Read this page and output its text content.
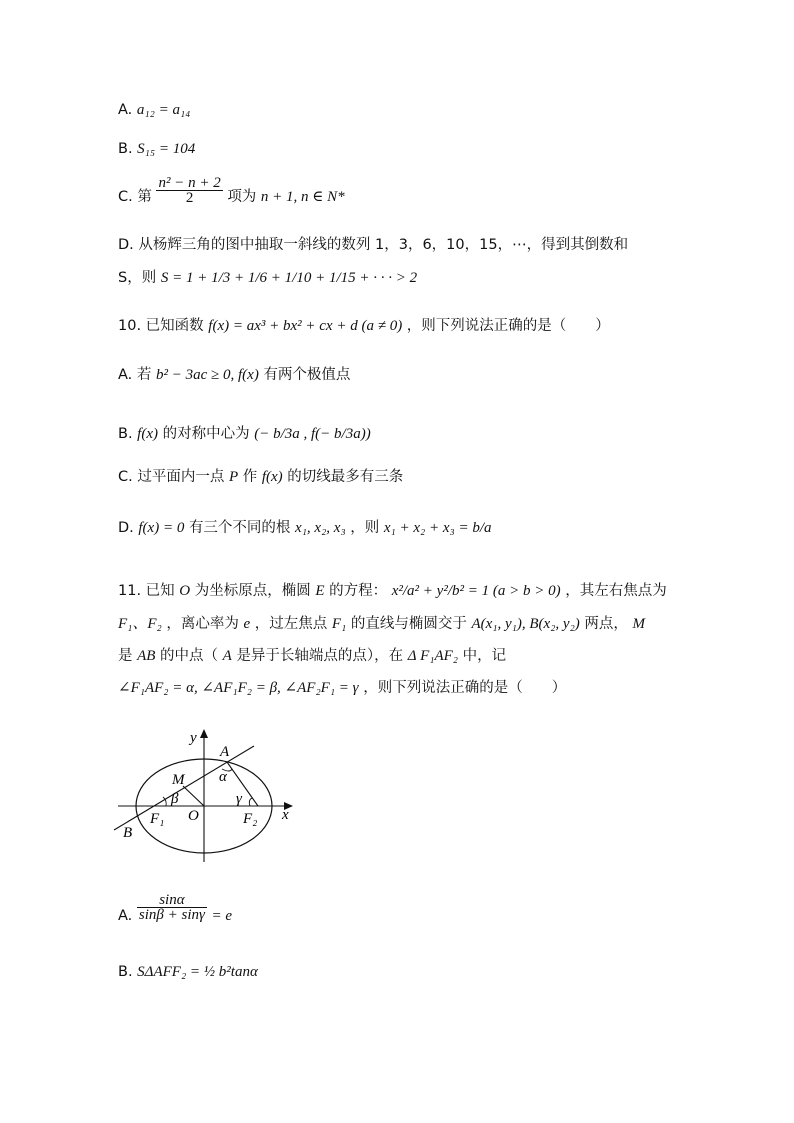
A. a₁₂ = a₁₄
B. S₁₅ = 104
C. 第 $\frac{\text{n² − n + 2}}{2}$ 项为 n + 1, n ∈ N*
D. 从杨辉三角的图中抽取一斜线的数列 1，3，6，10，15，⋯，得到其倒数和
S，则 S = 1 + 1/3 + 1/6 + 1/10 + 1/15 + · · · > 2
10. 已知函数 f(x) = ax³ + bx² + cx + d (a ≠ 0) ，则下列说法正确的是（　　）
A. 若 b² − 3ac ≥ 0, f(x) 有两个极值点
B. f(x) 的对称中心为 (− b/3a , f(− b/3a))
C. 过平面内一点 P 作 f(x) 的切线最多有三条
D. f(x) = 0 有三个不同的根 x₁, x₂, x₃ ，则 x₁ + x₂ + x₃ = b/a
11. 已知 O 为坐标原点，椭圆 E 的方程： x²/a² + y²/b² = 1 (a > b > 0) ，其左右焦点为
F₁、F₂ ，离心率为 e ，过左焦点 F₁ 的直线与椭圆交于 A(x₁, y₁), B(x₂, y₂) 两点， M
是 AB 的中点（ A 是异于长轴端点的点），在 Δ F₁AF₂ 中，记
∠F₁AF₂ = α, ∠AF₁F₂ = β, ∠AF₂F₁ = γ ，则下列说法正确的是（　　）
y
x
A
M α
β	γ
F₁ O	F₂
B
A. $\frac{\sin\alpha}{\sin\beta + \sin\gamma} = e$
B. SΔAFF₂ = ½ b²tanα
